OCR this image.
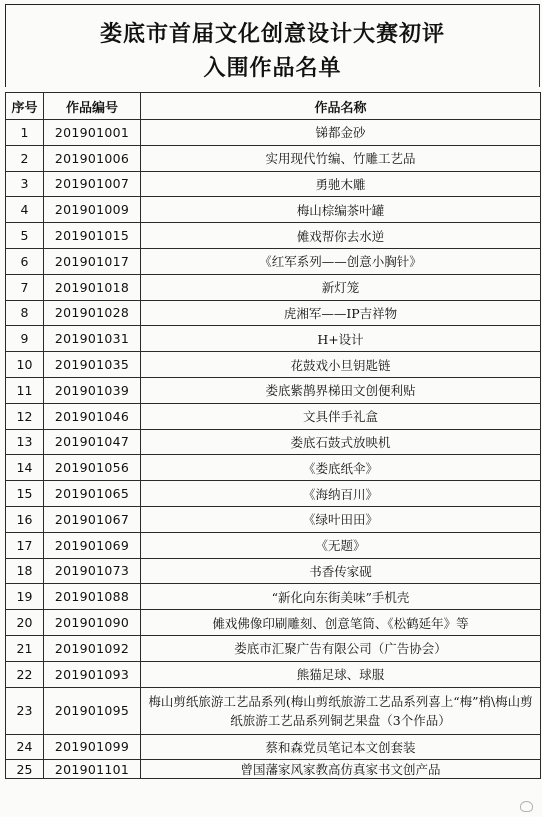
娄底市首届文化创意设计大赛初评
入围作品名单
序号	作品编号	作品名称
1	201901001	锑都金砂
2	201901006	实用现代竹编、竹雕工艺品
3	201901007	勇驰木雕
4	201901009	梅山棕编茶叶罐
5	201901015	傩戏帮你去水逆
6	201901017	《红军系列——创意小胸针》
7	201901018	新灯笼
8	201901028	虎湘军——IP吉祥物
9	201901031	H+设计
10	201901035	花鼓戏小旦钥匙链
11	201901039	娄底紫鹊界梯田文创便利贴
12	201901046	文具伴手礼盒
13	201901047	娄底石鼓式放映机
14	201901056	《娄底纸伞》
15	201901065	《海纳百川》
16	201901067	《绿叶田田》
17	201901069	《无题》
18	201901073	书香传家砚
19	201901088	“新化向东街美味”手机壳
20	201901090	傩戏佛像印刷雕刻、创意笔筒、《松鹤延年》等
21	201901092	娄底市汇聚广告有限公司（广告协会）
22	201901093	熊猫足球、球服
23	201901095	梅山剪纸旅游工艺品系列(梅山剪纸旅游工艺品系列喜上“梅”梢\梅山剪纸旅游工艺品系列铜艺果盘（3个作品）
24	201901099	蔡和森党员笔记本文创套装
25	201901101	曾国藩家风家教高仿真家书文创产品
